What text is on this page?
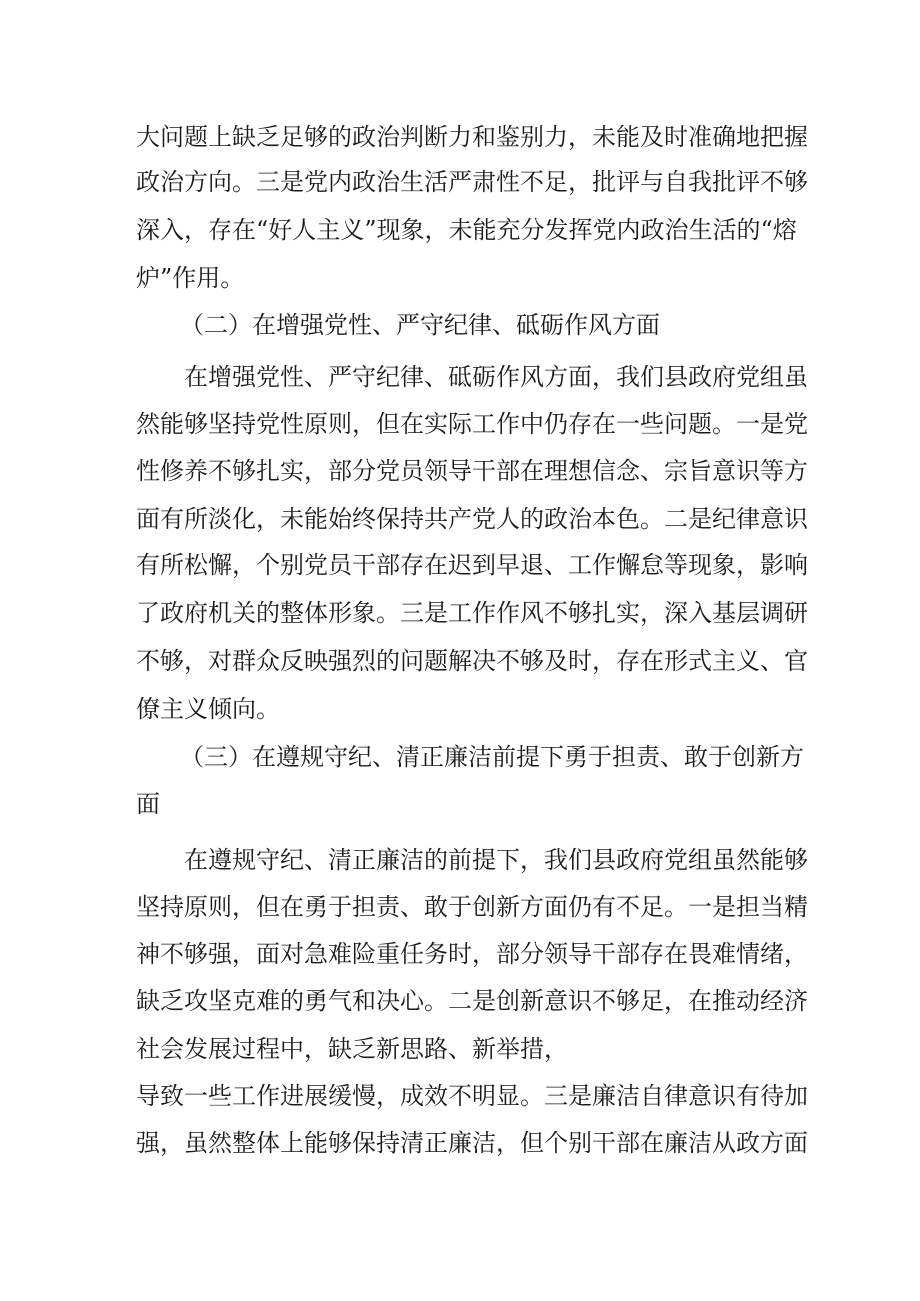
大问题上缺乏足够的政治判断力和鉴别力，未能及时准确地把握
政治方向。三是党内政治生活严肃性不足，批评与自我批评不够
深入，存在“好人主义”现象，未能充分发挥党内政治生活的“熔
炉”作用。
（二）在增强党性、严守纪律、砥砺作风方面
在增强党性、严守纪律、砥砺作风方面，我们县政府党组虽
然能够坚持党性原则，但在实际工作中仍存在一些问题。一是党
性修养不够扎实，部分党员领导干部在理想信念、宗旨意识等方
面有所淡化，未能始终保持共产党人的政治本色。二是纪律意识
有所松懈，个别党员干部存在迟到早退、工作懈怠等现象，影响
了政府机关的整体形象。三是工作作风不够扎实，深入基层调研
不够，对群众反映强烈的问题解决不够及时，存在形式主义、官
僚主义倾向。
（三）在遵规守纪、清正廉洁前提下勇于担责、敢于创新方
面
在遵规守纪、清正廉洁的前提下，我们县政府党组虽然能够
坚持原则，但在勇于担责、敢于创新方面仍有不足。一是担当精
神不够强，面对急难险重任务时，部分领导干部存在畏难情绪，
缺乏攻坚克难的勇气和决心。二是创新意识不够足，在推动经济
社会发展过程中，缺乏新思路、新举措，
导致一些工作进展缓慢，成效不明显。三是廉洁自律意识有待加
强，虽然整体上能够保持清正廉洁，但个别干部在廉洁从政方面
